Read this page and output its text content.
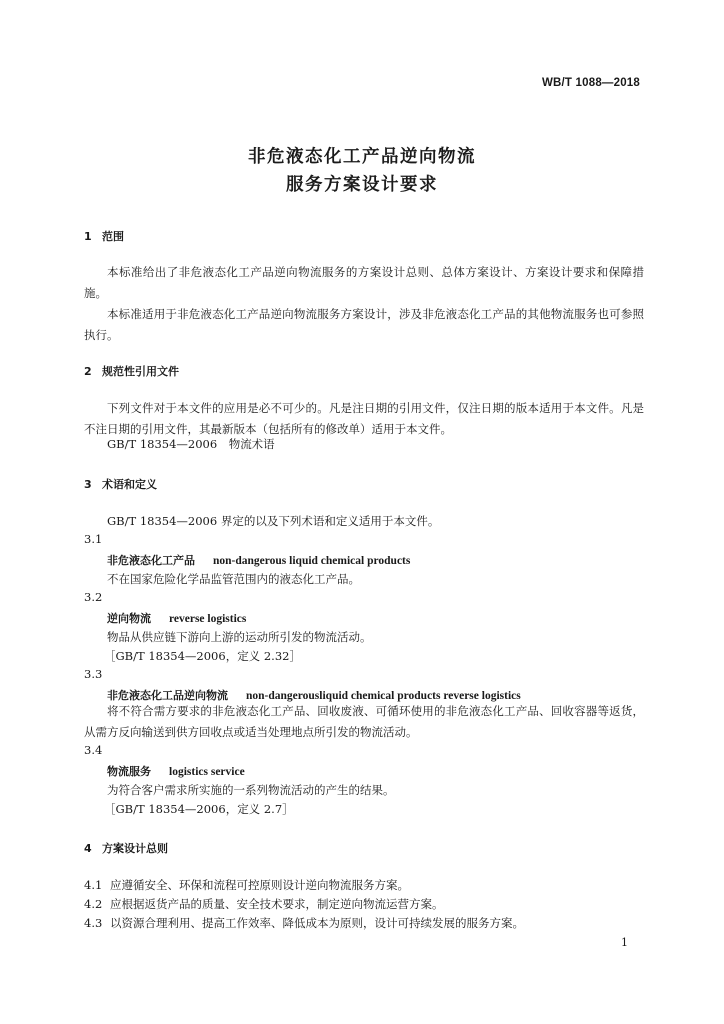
WB/T 1088—2018
非危液态化工产品逆向物流
服务方案设计要求
1 范围

本标准给出了非危液态化工产品逆向物流服务的方案设计总则、总体方案设计、方案设计要求和保障措施。

本标准适用于非危液态化工产品逆向物流服务方案设计，涉及非危液态化工产品的其他物流服务也可参照执行。

2 规范性引用文件

下列文件对于本文件的应用是必不可少的。凡是注日期的引用文件，仅注日期的版本适用于本文件。凡是不注日期的引用文件，其最新版本（包括所有的修改单）适用于本文件。

GB/T 18354—2006　物流术语
3 术语和定义
GB/T 18354—2006 界定的以及下列术语和定义适用于本文件。
3.1
非危液态化工产品 non-dangerous liquid chemical products
不在国家危险化学品监管范围内的液态化工产品。
3.2
逆向物流 reverse logistics
物品从供应链下游向上游的运动所引发的物流活动。
［GB/T 18354—2006，定义 2.32］
3.3
非危液态化工品逆向物流 non-dangerousliquid chemical products reverse logistics

将不符合需方要求的非危液态化工产品、回收废液、可循环使用的非危液态化工产品、回收容器等返货，从需方反向输送到供方回收点或适当处理地点所引发的物流活动。

3.4
物流服务 logistics service
为符合客户需求所实施的一系列物流活动的产生的结果。
［GB/T 18354—2006，定义 2.7］
4 方案设计总则
4.1 应遵循安全、环保和流程可控原则设计逆向物流服务方案。
4.2 应根据返货产品的质量、安全技术要求，制定逆向物流运营方案。
4.3 以资源合理利用、提高工作效率、降低成本为原则，设计可持续发展的服务方案。
1
